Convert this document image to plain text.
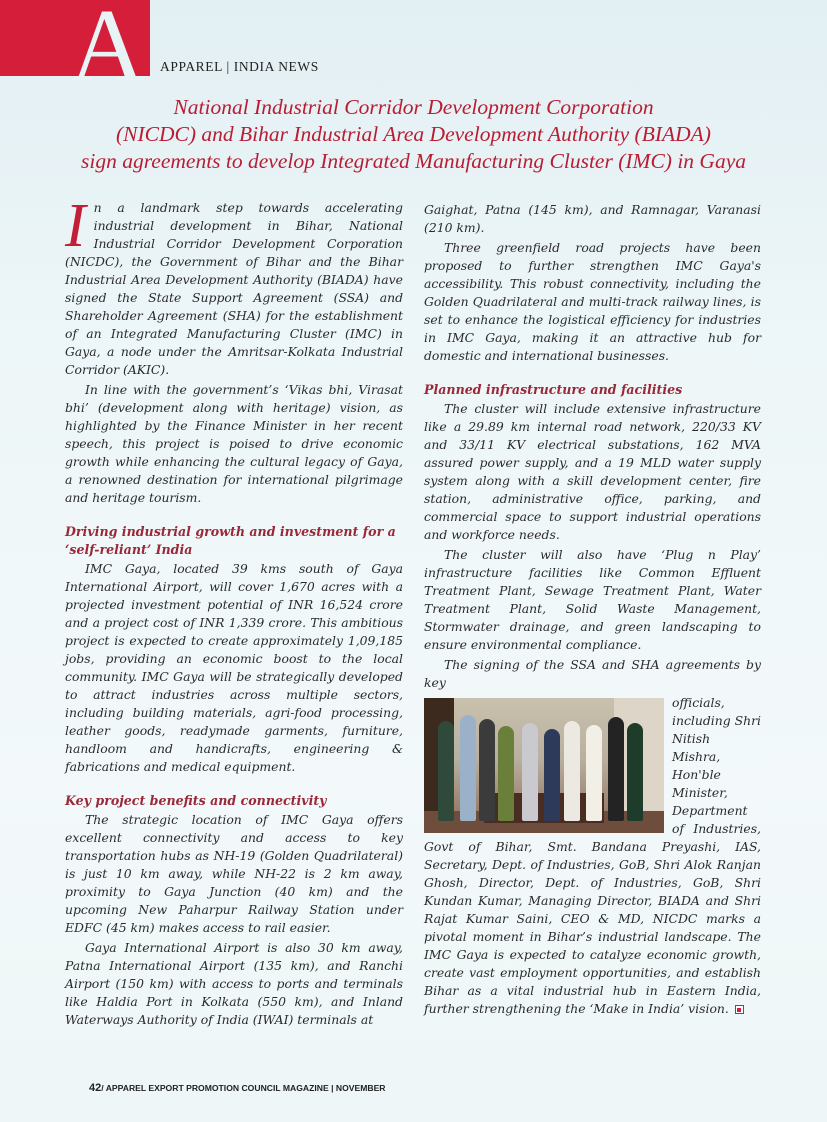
A APPAREL | INDIA NEWS
National Industrial Corridor Development Corporation
(NICDC) and Bihar Industrial Area Development Authority (BIADA)
sign agreements to develop Integrated Manufacturing Cluster (IMC) in Gaya

In a landmark step towards accelerating industrial development in Bihar, National Industrial Corridor Development Corporation (NICDC), the Government of Bihar and the Bihar Industrial Area Development Authority (BIADA) have signed the State Support Agreement (SSA) and Shareholder Agreement (SHA) for the establishment of an Integrated Manufacturing Cluster (IMC) in Gaya, a node under the Amritsar-Kolkata Industrial Corridor (AKIC).

In line with the government’s ‘Vikas bhi, Virasat bhi’ (development along with heritage) vision, as highlighted by the Finance Minister in her recent speech, this project is poised to drive economic growth while enhancing the cultural legacy of Gaya, a renowned destination for international pilgrimage and heritage tourism.

Driving industrial growth and investment for a ‘self-reliant’ India

IMC Gaya, located 39 kms south of Gaya International Airport, will cover 1,670 acres with a projected investment potential of INR 16,524 crore and a project cost of INR 1,339 crore. This ambitious project is expected to create approximately 1,09,185 jobs, providing an economic boost to the local community. IMC Gaya will be strategically developed to attract industries across multiple sectors, including building materials, agri-food processing, leather goods, readymade garments, furniture, handloom and handicrafts, engineering & fabrications and medical equipment.

Key project benefits and connectivity

The strategic location of IMC Gaya offers excellent connectivity and access to key transportation hubs as NH-19 (Golden Quadrilateral) is just 10 km away, while NH-22 is 2 km away, proximity to Gaya Junction (40 km) and the upcoming New Paharpur Railway Station under EDFC (45 km) makes access to rail easier.

Gaya International Airport is also 30 km away, Patna International Airport (135 km), and Ranchi Airport (150 km) with access to ports and terminals like Haldia Port in Kolkata (550 km), and Inland Waterways Authority of India (IWAI) terminals at

Gaighat, Patna (145 km), and Ramnagar, Varanasi (210 km).

Three greenfield road projects have been proposed to further strengthen IMC Gaya's accessibility. This robust connectivity, including the Golden Quadrilateral and multi-track railway lines, is set to enhance the logistical efficiency for industries in IMC Gaya, making it an attractive hub for domestic and international businesses.

Planned infrastructure and facilities

The cluster will include extensive infrastructure like a 29.89 km internal road network, 220/33 KV and 33/11 KV electrical substations, 162 MVA assured power supply, and a 19 MLD water supply system along with a skill development center, fire station, administrative office, parking, and commercial space to support industrial operations and workforce needs.

The cluster will also have ‘Plug n Play’ infrastructure facilities like Common Effluent Treatment Plant, Sewage Treatment Plant, Water Treatment Plant, Solid Waste Management, Stormwater drainage, and green landscaping to ensure environmental compliance.

The signing of the SSA and SHA agreements by key

officials, including Shri Nitish Mishra, Hon'ble Minister, Department of Industries, Govt of Bihar, Smt. Bandana Preyashi, IAS, Secretary, Dept. of Industries, GoB, Shri Alok Ranjan Ghosh, Director, Dept. of Industries, GoB, Shri Kundan Kumar, Managing Director, BIADA and Shri Rajat Kumar Saini, CEO & MD, NICDC marks a pivotal moment in Bihar’s industrial landscape. The IMC Gaya is expected to catalyze economic growth, create vast employment opportunities, and establish Bihar as a vital industrial hub in Eastern India, further strengthening the ‘Make in India’ vision.

42/ APPAREL EXPORT PROMOTION COUNCIL MAGAZINE | NOVEMBER
